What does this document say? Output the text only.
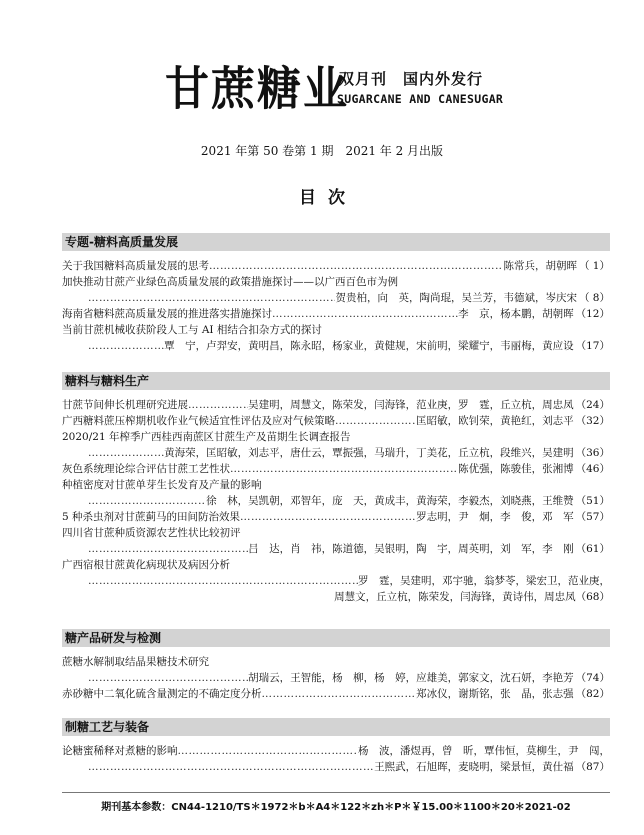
甘蔗糖业
双月刊　国内外发行
SUGARCANE AND CANESUGAR
2021 年第 50 卷第 1 期　2021 年 2 月出版
目次
专题-糖料高质量发展
关于我国糖料高质量发展的思考 ……………………………………………………………………………………………………………………………………………………………	陈常兵，胡朝晖 （ 1）
加快推动甘蔗产业绿色高质量发展的政策措施探讨——以广西百色市为例
……………………………………………………………………………………………………………………………………………………………
贺贵柏，向　英，陶尚琨，吴兰芳，韦德斌，岑庆宋 （ 8）
海南省糖料蔗高质量发展的推进落实措施探讨 ……………………………………………………………………………………………………………………………………………………………	李　京，杨本鹏，胡朝晖 （12）
当前甘蔗机械收获阶段人工与 AI 相结合扣杂方式的探讨
……………………………………………………………………………………………………………………………………………………………
覃　宁，卢羿安，黄明昌，陈永昭，杨家业，黄健规，宋前明，梁耀宁，韦丽梅，黄应设 （17）
糖料与糖料生产
甘蔗节间伸长机理研究进展 ……………………………………………………………………………………………………………………………………………………………	吴建明，周慧文，陈荣发，闫海锋，范业庚，罗　霆，丘立杭，周忠凤 （24）
广西糖料蔗压榨期机收作业气候适宜性评估及应对气候策略 ……………………………………………………………………………………………………………………………………………………………	匡昭敏，欧钊荣，黄艳红，刘志平 （32）
2020/21 年榨季广西桂西南蔗区甘蔗生产及苗期生长调查报告
……………………………………………………………………………………………………………………………………………………………
黄海荣，匡昭敏，刘志平，唐仕云，覃振强，马瑞升，丁美花，丘立杭，段维兴，吴建明 （36）
灰色系统理论综合评估甘蔗工艺性状 ……………………………………………………………………………………………………………………………………………………………	陈优强，陈骏佳，张湘博 （46）
种植密度对甘蔗单芽生长发育及产量的影响
……………………………………………………………………………………………………………………………………………………………
徐　林，吴凯朝，邓智年，庞　天，黄成丰，黄海荣，李毅杰，刘晓燕，王维赞 （51）
5 种杀虫剂对甘蔗蓟马的田间防治效果 ……………………………………………………………………………………………………………………………………………………………	罗志明，尹　炯，李　俊，邓　军 （57）
四川省甘蔗种质资源农艺性状比较初评
……………………………………………………………………………………………………………………………………………………………
吕　达，肖　祎，陈道德，吴银明，陶　宇，周英明，刘　军，李　刚 （61）
广西宿根甘蔗黄化病现状及病因分析
……………………………………………………………………………………………………………………………………………………………
罗　霆，吴建明，邓宇驰，翁梦苓，梁宏卫，范业庚，
周慧文，丘立杭，陈荣发，闫海锋，黄诗伟，周忠凤（68）
糖产品研发与检测
蔗糖水解制取结晶果糖技术研究
……………………………………………………………………………………………………………………………………………………………
胡瑞云，王智能，杨　柳，杨　婷，应雄美，郭家文，沈石妍，李艳芳 （74）
赤砂糖中二氧化硫含量测定的不确定度分析 ……………………………………………………………………………………………………………………………………………………………	郑冰仪，谢斯铭，张　晶，张志强 （82）
制糖工艺与装备
论糖蜜稀释对煮糖的影响 ……………………………………………………………………………………………………………………………………………………………	杨　波，潘煜再，曾　昕，覃伟恒，莫柳生，尹　闯，
……………………………………………………………………………………………………………………………………………………………
王熙武，石旭晖，麦晓明，梁景恒，黄仕福 （87）
期刊基本参数：CN44-1210/TS＊1972＊b＊A4＊122＊zh＊P＊￥15.00＊1100＊20＊2021-02
